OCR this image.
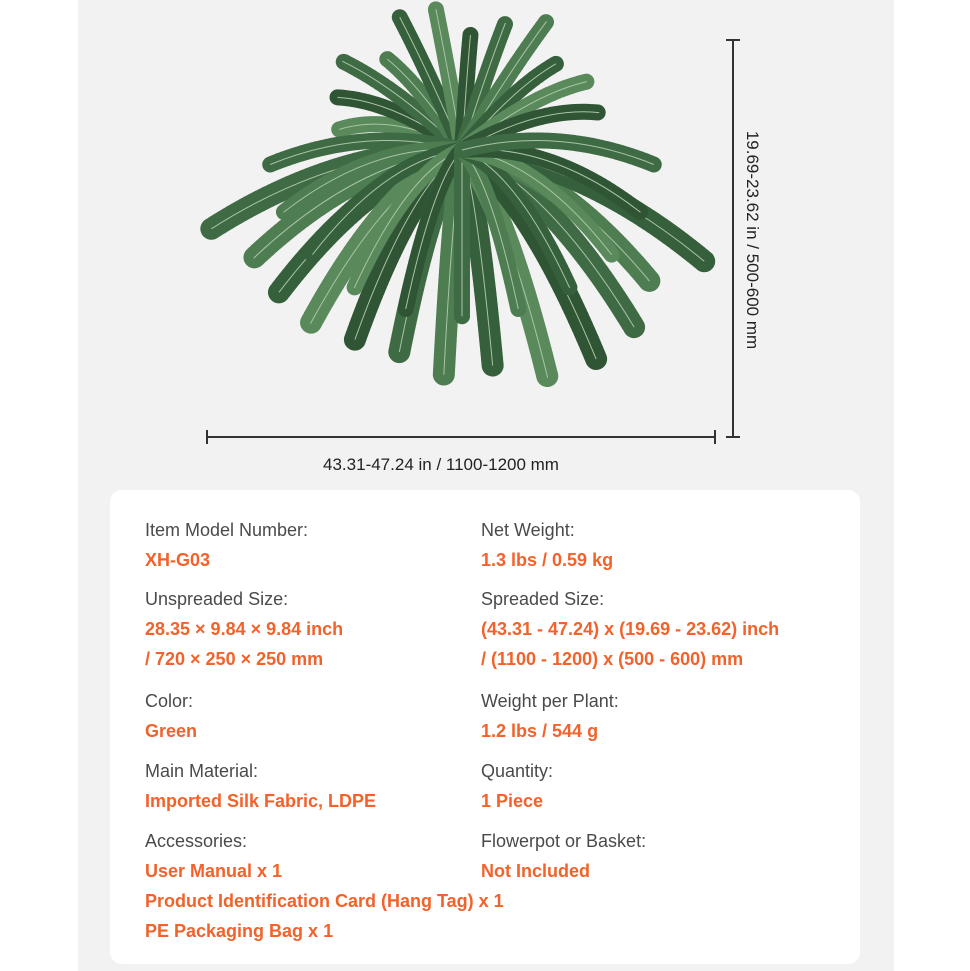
19.69-23.62 in / 500-600 mm
43.31-47.24 in / 1100-1200 mm
Item Model Number:
XH-G03
Net Weight:
1.3 lbs / 0.59 kg
Unspreaded Size:
28.35 × 9.84 × 9.84 inch
/ 720 × 250 × 250 mm
Spreaded Size:
(43.31 - 47.24) x (19.69 - 23.62) inch
/ (1100 - 1200) x (500 - 600) mm
Color:
Green
Weight per Plant:
1.2 lbs / 544 g
Main Material:
Imported Silk Fabric, LDPE
Quantity:
1 Piece
Accessories:
User Manual x 1
Product Identification Card (Hang Tag) x 1
PE Packaging Bag x 1
Flowerpot or Basket:
Not Included
